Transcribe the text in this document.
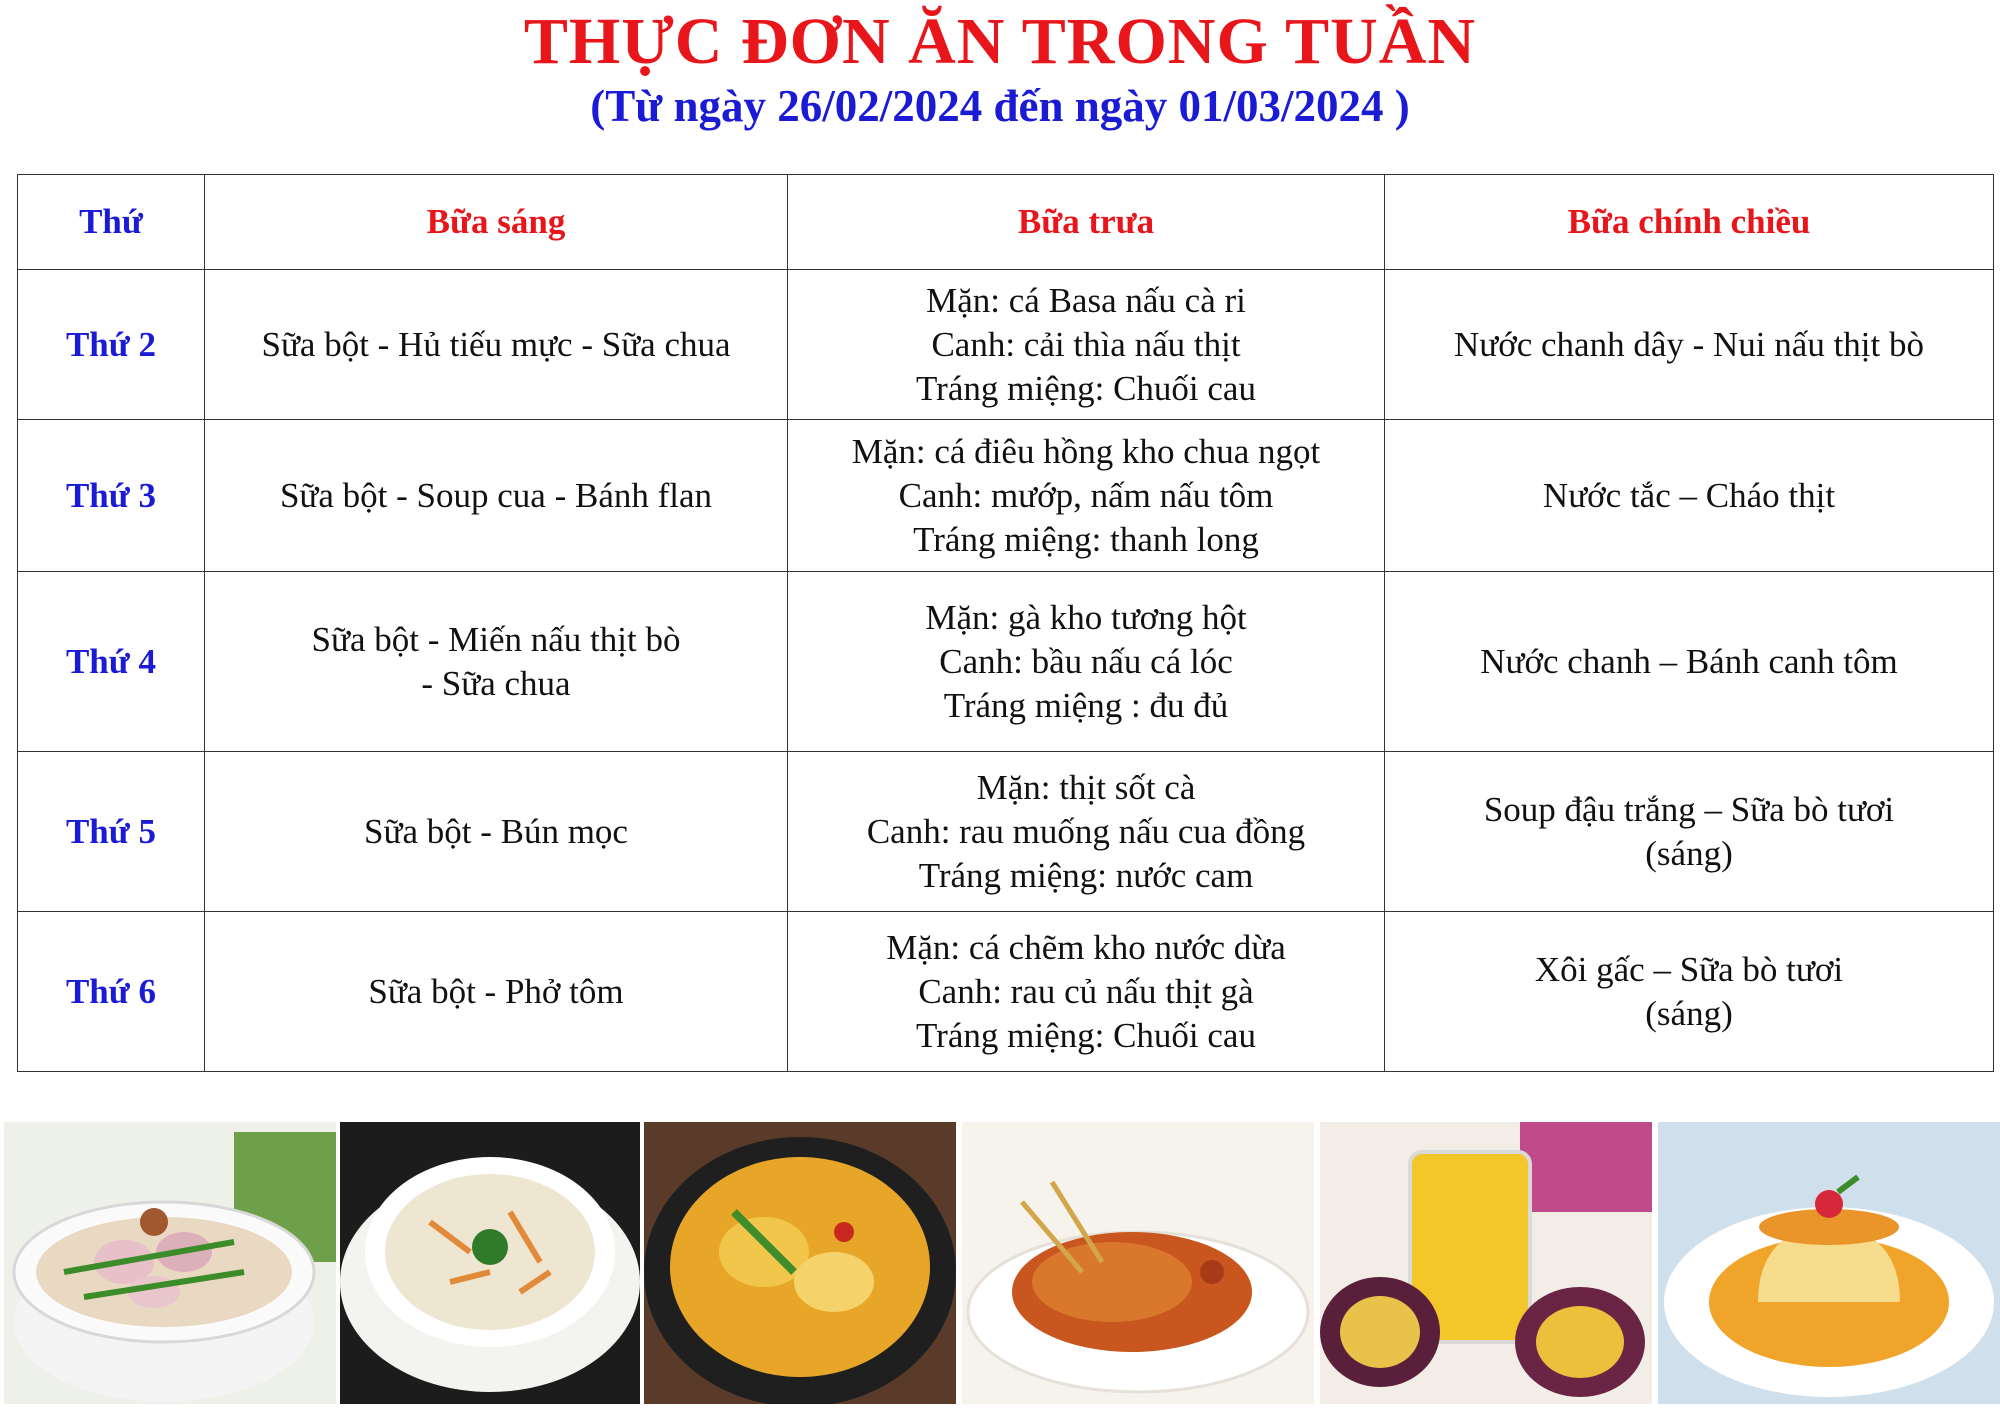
THỰC ĐƠN ĂN TRONG TUẦN
(Từ ngày 26/02/2024 đến ngày 01/03/2024 )
Thứ	Bữa sáng	Bữa trưa	Bữa chính chiều
Thứ 2	Sữa bột - Hủ tiếu mực - Sữa chua	Mặn: cá Basa nấu cà ri
Canh: cải thìa nấu thịt
Tráng miệng: Chuối cau	Nước chanh dây - Nui nấu thịt bò

Thứ 3	Sữa bột - Soup cua - Bánh flan	Mặn: cá điêu hồng kho chua ngọt
Canh: mướp, nấm nấu tôm
Tráng miệng: thanh long	Nước tắc – Cháo thịt

Thứ 4	Sữa bột - Miến nấu thịt bò
- Sữa chua	Mặn: gà kho tương hột
Canh: bầu nấu cá lóc
Tráng miệng : đu đủ	Nước chanh – Bánh canh tôm

Thứ 5	Sữa bột - Bún mọc	Mặn: thịt sốt cà
Canh: rau muống nấu cua đồng
Tráng miệng: nước cam	Soup đậu trắng – Sữa bò tươi
(sáng)

Thứ 6	Sữa bột - Phở tôm	Mặn: cá chẽm kho nước dừa
Canh: rau củ nấu thịt gà
Tráng miệng: Chuối cau	Xôi gấc – Sữa bò tươi
(sáng)
